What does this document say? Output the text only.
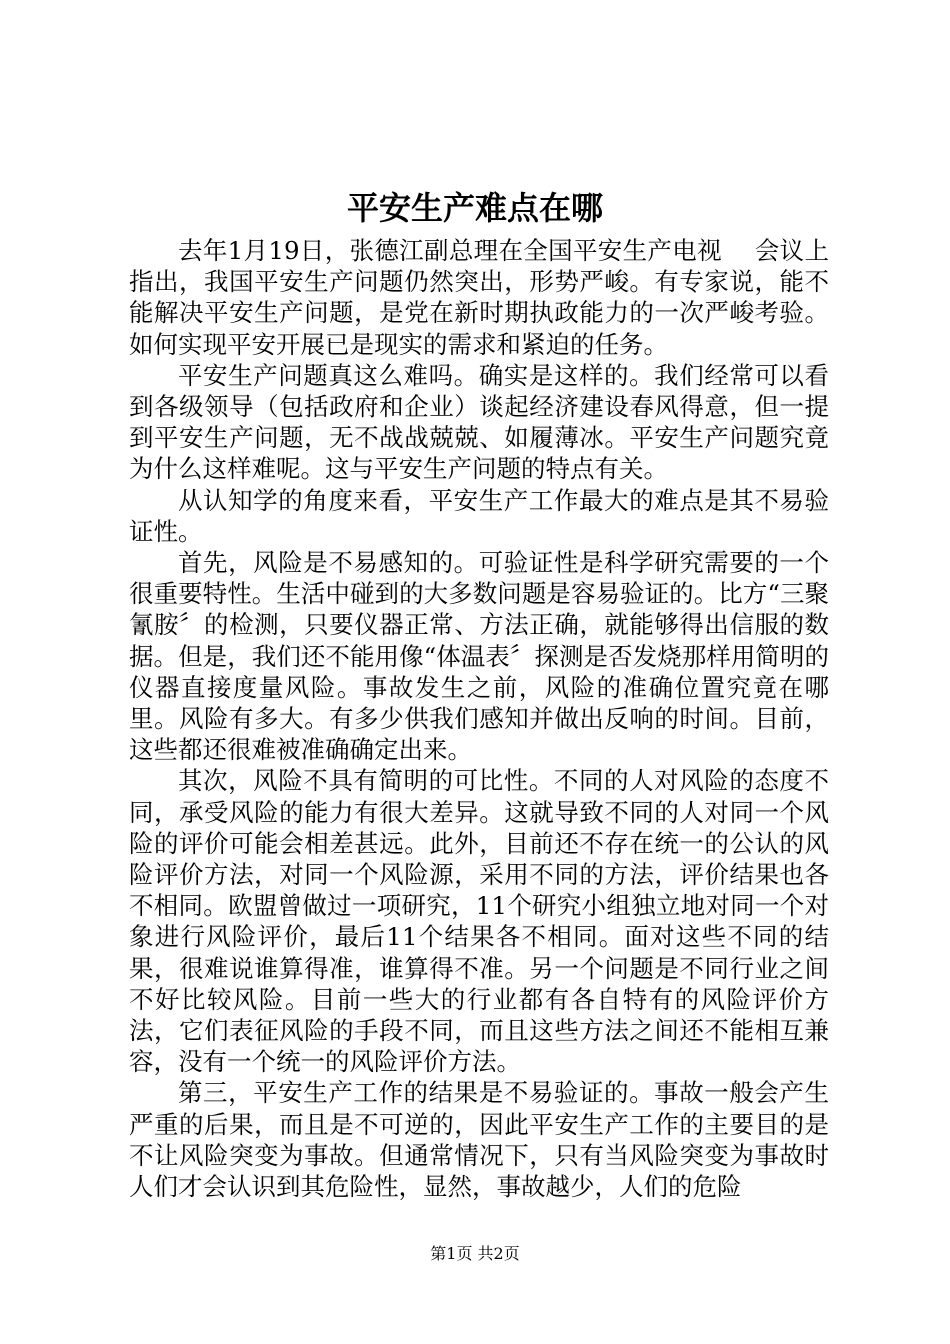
平安生产难点在哪

去年1月19日，张德江副总理在全国平安生产电视　 会议上指出，我国平安生产问题仍然突出，形势严峻。有专家说，能不能解决平安生产问题，是党在新时期执政能力的一次严峻考验。如何实现平安开展已是现实的需求和紧迫的任务。

平安生产问题真这么难吗。确实是这样的。我们经常可以看到各级领导（包括政府和企业）谈起经济建设春风得意，但一提到平安生产问题，无不战战兢兢、如履薄冰。平安生产问题究竟为什么这样难呢。这与平安生产问题的特点有关。

从认知学的角度来看，平安生产工作最大的难点是其不易验证性。

首先，风险是不易感知的。可验证性是科学研究需要的一个很重要特性。生活中碰到的大多数问题是容易验证的。比方“三聚氰胺〞的检测，只要仪器正常、方法正确，就能够得出信服的数据。但是，我们还不能用像“体温表〞探测是否发烧那样用简明的仪器直接度量风险。事故发生之前，风险的准确位置究竟在哪里。风险有多大。有多少供我们感知并做出反响的时间。目前，这些都还很难被准确确定出来。

其次，风险不具有简明的可比性。不同的人对风险的态度不同，承受风险的能力有很大差异。这就导致不同的人对同一个风险的评价可能会相差甚远。此外，目前还不存在统一的公认的风险评价方法，对同一个风险源，采用不同的方法，评价结果也各不相同。欧盟曾做过一项研究，11个研究小组独立地对同一个对象进行风险评价，最后11个结果各不相同。面对这些不同的结果，很难说谁算得准，谁算得不准。另一个问题是不同行业之间不好比较风险。目前一些大的行业都有各自特有的风险评价方法，它们表征风险的手段不同，而且这些方法之间还不能相互兼容，没有一个统一的风险评价方法。

第三，平安生产工作的结果是不易验证的。事故一般会产生严重的后果，而且是不可逆的，因此平安生产工作的主要目的是不让风险突变为事故。但通常情况下，只有当风险突变为事故时人们才会认识到其危险性，显然，事故越少，人们的危险

第1页 共2页
